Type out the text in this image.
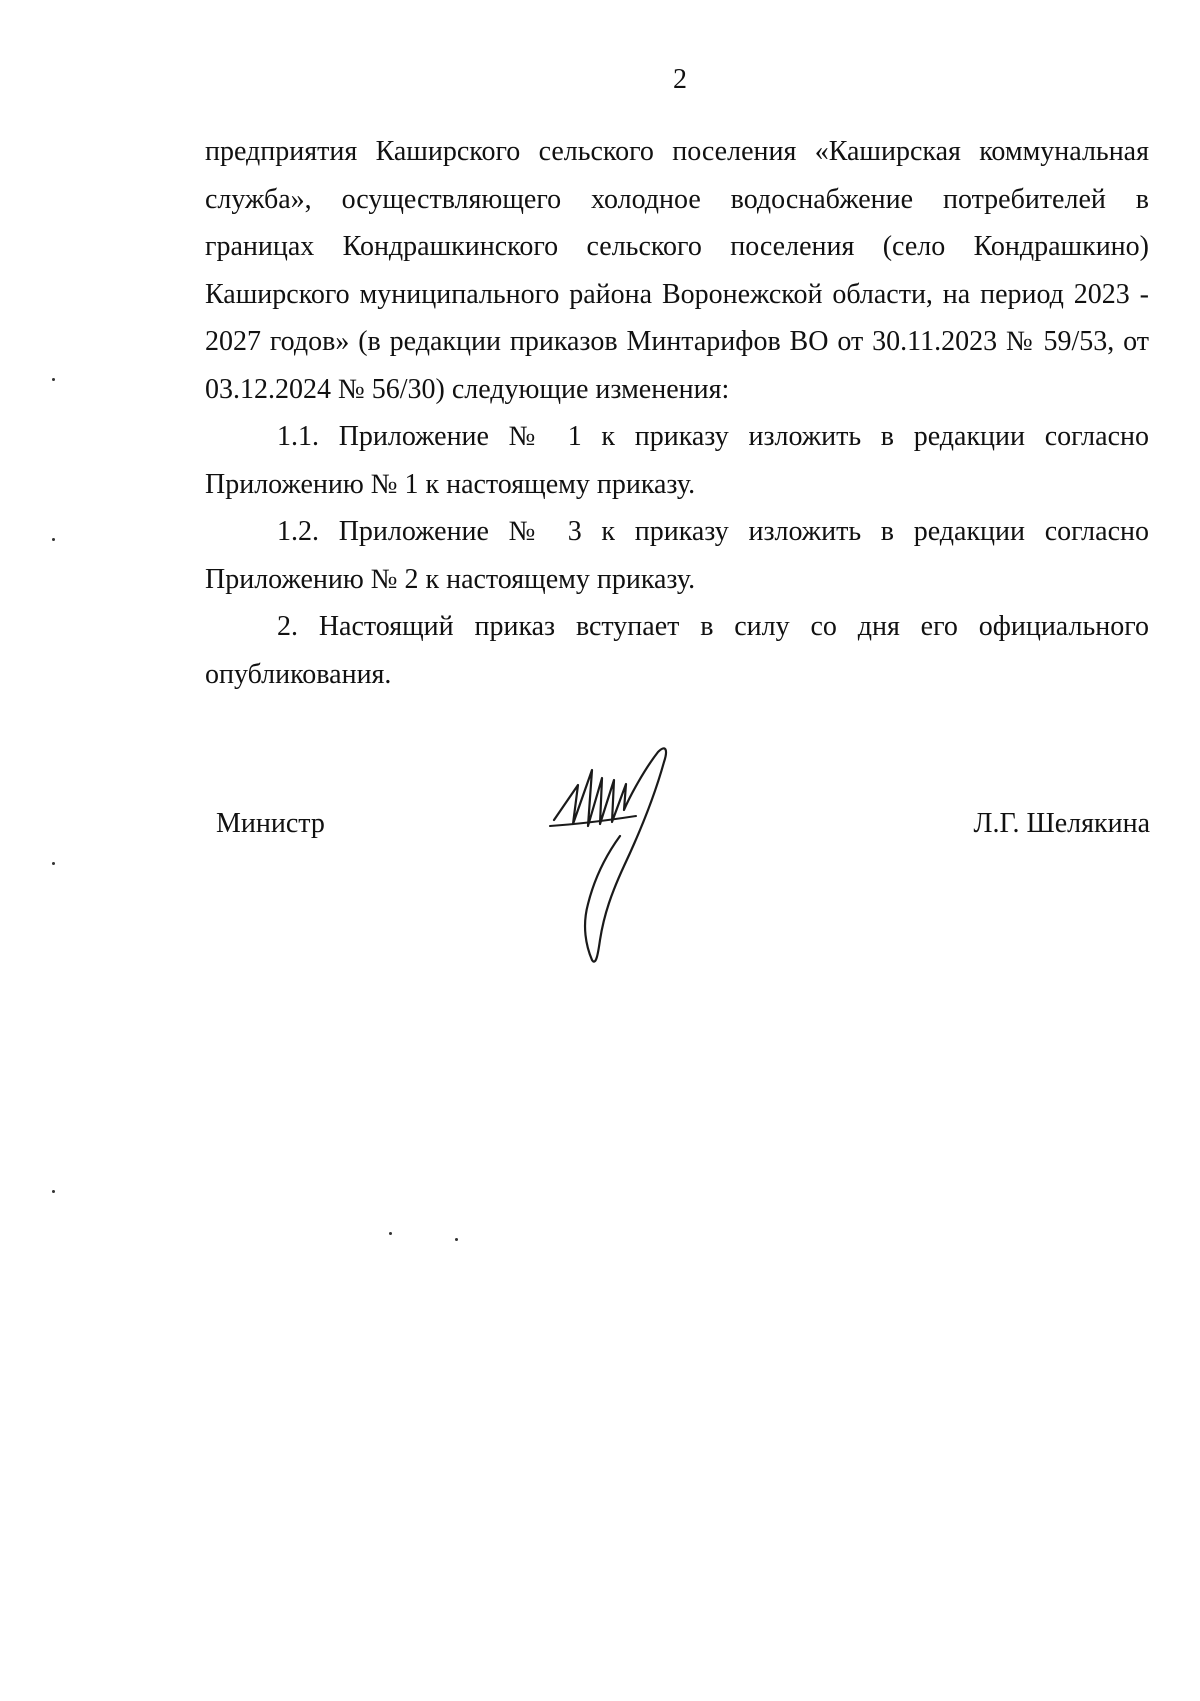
2

предприятия Каширского сельского поселения «Каширская коммунальная служба», осуществляющего холодное водоснабжение потребителей в границах Кондрашкинского сельского поселения (село Кондрашкино) Каширского муниципального района Воронежской области, на период 2023 - 2027 годов» (в редакции приказов Минтарифов ВО от 30.11.2023 № 59/53, от 03.12.2024 № 56/30) следующие изменения:

1.1. Приложение № 1 к приказу изложить в редакции согласно Приложению № 1 к настоящему приказу.

1.2. Приложение № 3 к приказу изложить в редакции согласно Приложению № 2 к настоящему приказу.

2. Настоящий приказ вступает в силу со дня его официального опубликования.

Министр	Л.Г. Шелякина
